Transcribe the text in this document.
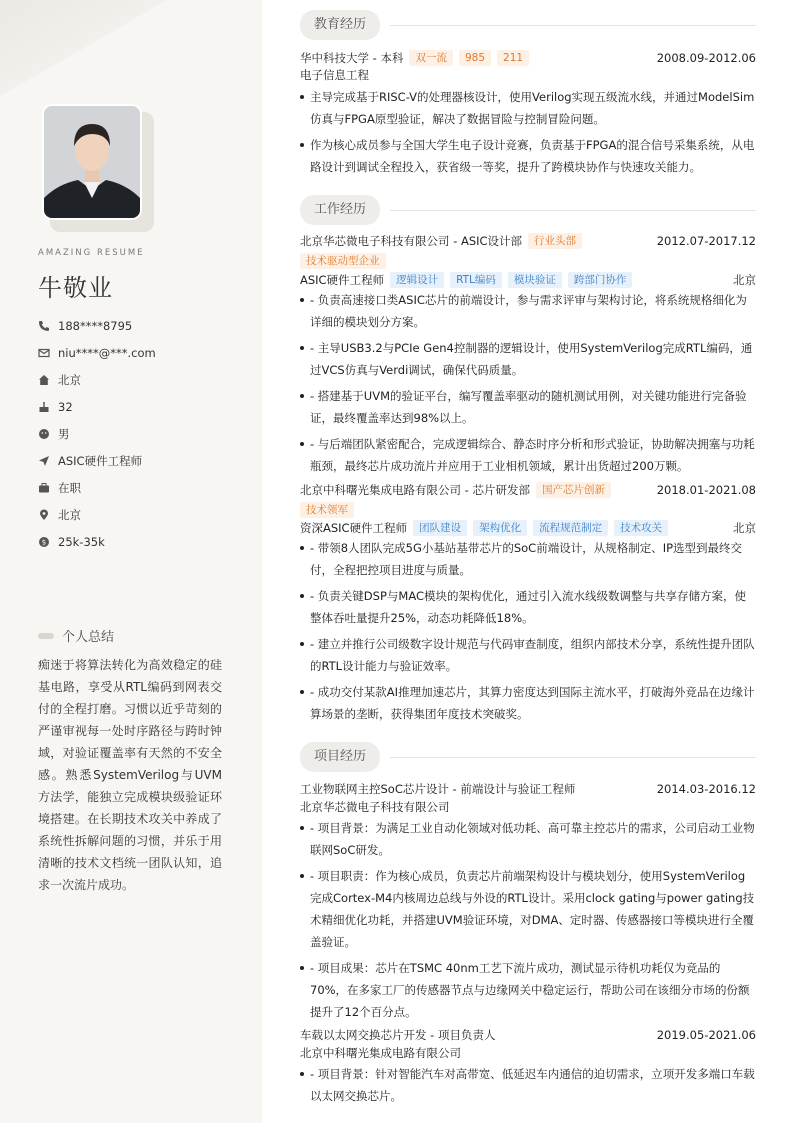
AMAZING RESUME
牛敬业
188****8795
niu****@***.com
北京
32
男
ASIC硬件工程师
在职
北京
$ 25k-35k
个人总结
痴迷于将算法转化为高效稳定的硅基电路，享受从RTL编码到网表交付的全程打磨。习惯以近乎苛刻的严谨审视每一处时序路径与跨时钟域，对验证覆盖率有天然的不安全感。熟悉SystemVerilog与UVM方法学，能独立完成模块级验证环境搭建。在长期技术攻关中养成了系统性拆解问题的习惯，并乐于用清晰的技术文档统一团队认知，追求一次流片成功。
教育经历
华中科技大学 - 本科	双一流	985	211	2008.09-2012.06
电子信息工程
主导完成基于RISC-V的处理器核设计，使用Verilog实现五级流水线，并通过ModelSim仿真与FPGA原型验证，解决了数据冒险与控制冒险问题。
作为核心成员参与全国大学生电子设计竞赛，负责基于FPGA的混合信号采集系统，从电路设计到调试全程投入，获省级一等奖，提升了跨模块协作与快速攻关能力。
工作经历
北京华芯微电子科技有限公司 - ASIC设计部	行业头部	2012.07-2017.12
技术驱动型企业
ASIC硬件工程师	逻辑设计	RTL编码	模块验证	跨部门协作	北京
- 负责高速接口类ASIC芯片的前端设计，参与需求评审与架构讨论，将系统规格细化为详细的模块划分方案。
- 主导USB3.2与PCIe Gen4控制器的逻辑设计，使用SystemVerilog完成RTL编码，通过VCS仿真与Verdi调试，确保代码质量。
- 搭建基于UVM的验证平台，编写覆盖率驱动的随机测试用例，对关键功能进行完备验证，最终覆盖率达到98%以上。
- 与后端团队紧密配合，完成逻辑综合、静态时序分析和形式验证，协助解决拥塞与功耗瓶颈，最终芯片成功流片并应用于工业相机领域，累计出货超过200万颗。
北京中科曙光集成电路有限公司 - 芯片研发部	国产芯片创新	2018.01-2021.08
技术领军
资深ASIC硬件工程师	团队建设	架构优化	流程规范制定	技术攻关	北京
- 带领8人团队完成5G小基站基带芯片的SoC前端设计，从规格制定、IP选型到最终交付，全程把控项目进度与质量。
- 负责关键DSP与MAC模块的架构优化，通过引入流水线级数调整与共享存储方案，使整体吞吐量提升25%，动态功耗降低18%。
- 建立并推行公司级数字设计规范与代码审查制度，组织内部技术分享，系统性提升团队的RTL设计能力与验证效率。
- 成功交付某款AI推理加速芯片，其算力密度达到国际主流水平，打破海外竞品在边缘计算场景的垄断，获得集团年度技术突破奖。
项目经历
工业物联网主控SoC芯片设计 - 前端设计与验证工程师	2014.03-2016.12
北京华芯微电子科技有限公司
- 项目背景：为满足工业自动化领域对低功耗、高可靠主控芯片的需求，公司启动工业物联网SoC研发。
- 项目职责：作为核心成员，负责芯片前端架构设计与模块划分，使用SystemVerilog完成Cortex-M4内核周边总线与外设的RTL设计。采用clock gating与power gating技术精细优化功耗，并搭建UVM验证环境，对DMA、定时器、传感器接口等模块进行全覆盖验证。
- 项目成果：芯片在TSMC 40nm工艺下流片成功，测试显示待机功耗仅为竞品的70%，在多家工厂的传感器节点与边缘网关中稳定运行，帮助公司在该细分市场的份额提升了12个百分点。
车载以太网交换芯片开发 - 项目负责人	2019.05-2021.06
北京中科曙光集成电路有限公司
- 项目背景：针对智能汽车对高带宽、低延迟车内通信的迫切需求，立项开发多端口车载以太网交换芯片。
